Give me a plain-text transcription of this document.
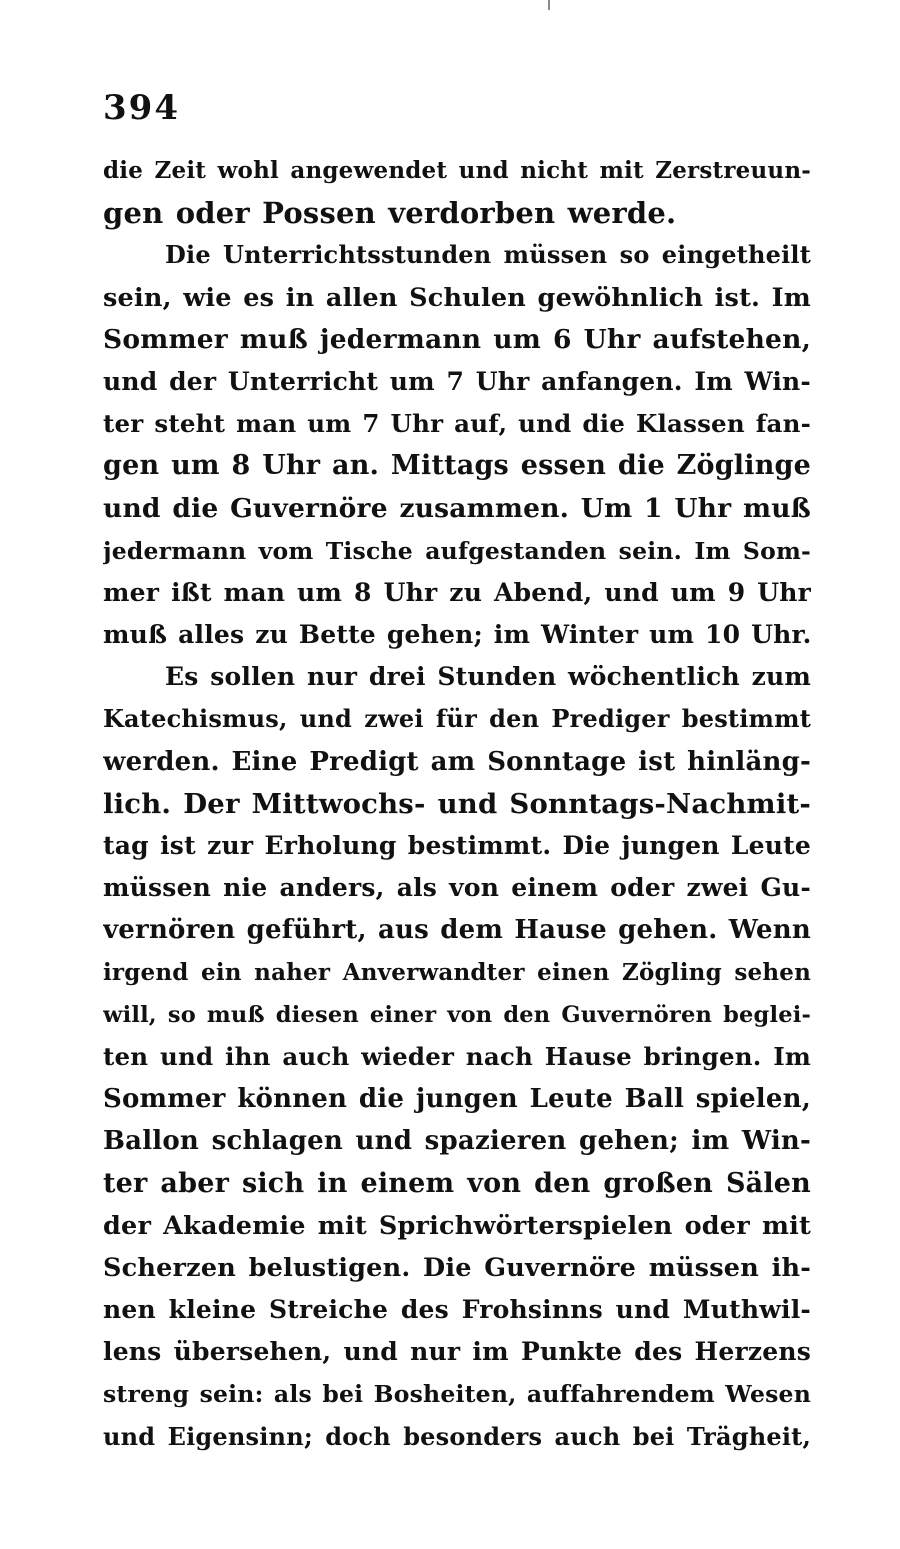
394
die Zeit wohl angewendet und nicht mit Zerstreuun-
gen oder Possen verdorben werde.
Die Unterrichtsstunden müssen so eingetheilt
sein, wie es in allen Schulen gewöhnlich ist. Im
Sommer muß jedermann um 6 Uhr aufstehen,
und der Unterricht um 7 Uhr anfangen. Im Win-
ter steht man um 7 Uhr auf, und die Klassen fan-
gen um 8 Uhr an. Mittags essen die Zöglinge
und die Guvernöre zusammen. Um 1 Uhr muß
jedermann vom Tische aufgestanden sein. Im Som-
mer ißt man um 8 Uhr zu Abend, und um 9 Uhr
muß alles zu Bette gehen; im Winter um 10 Uhr.
Es sollen nur drei Stunden wöchentlich zum
Katechismus, und zwei für den Prediger bestimmt
werden. Eine Predigt am Sonntage ist hinläng-
lich. Der Mittwochs- und Sonntags-Nachmit-
tag ist zur Erholung bestimmt. Die jungen Leute
müssen nie anders, als von einem oder zwei Gu-
vernören geführt, aus dem Hause gehen. Wenn
irgend ein naher Anverwandter einen Zögling sehen
will, so muß diesen einer von den Guvernören beglei-
ten und ihn auch wieder nach Hause bringen. Im
Sommer können die jungen Leute Ball spielen,
Ballon schlagen und spazieren gehen; im Win-
ter aber sich in einem von den großen Sälen
der Akademie mit Sprichwörterspielen oder mit
Scherzen belustigen. Die Guvernöre müssen ih-
nen kleine Streiche des Frohsinns und Muthwil-
lens übersehen, und nur im Punkte des Herzens
streng sein: als bei Bosheiten, auffahrendem Wesen
und Eigensinn; doch besonders auch bei Trägheit,
